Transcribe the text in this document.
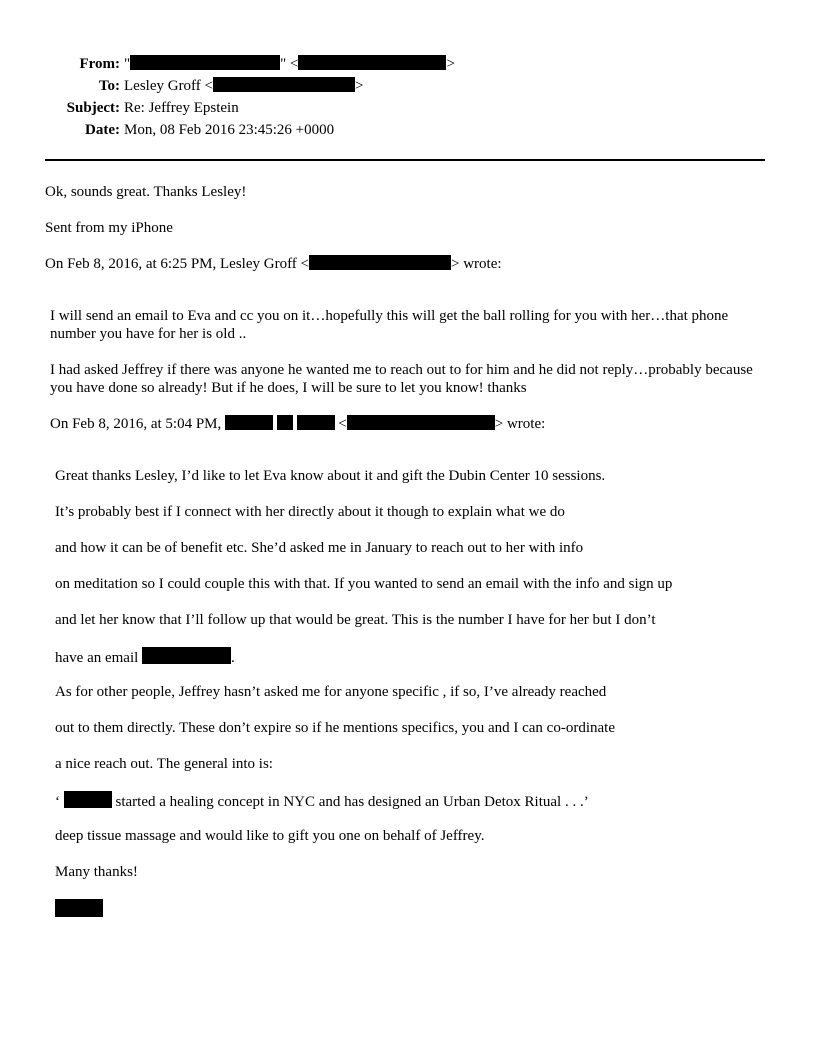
From: "	" <	>
To: Lesley Groff <	>
Subject: Re: Jeffrey Epstein
Date: Mon, 08 Feb 2016 23:45:26 +0000
Ok, sounds great. Thanks Lesley!
Sent from my iPhone
On Feb 8, 2016, at 6:25 PM, Lesley Groff <	> wrote:
I will send an email to Eva and cc you on it…hopefully this will get the ball rolling for you with her…that phone number you have for her is old ..
I had asked Jeffrey if there was anyone he wanted me to reach out to for him and he did not reply…probably because you have done so already! But if he does, I will be sure to let you know! thanks
On Feb 8, 2016, at 5:04 PM,	<	> wrote:
Great thanks Lesley, I’d like to let Eva know about it and gift the Dubin Center 10 sessions.
It’s probably best if I connect with her directly about it though to explain what we do
and how it can be of benefit etc. She’d asked me in January to reach out to her with info
on meditation so I could couple this with that. If you wanted to send an email with the info and sign up
and let her know that I’ll follow up that would be great. This is the number I have for her but I don’t
have an email	.
As for other people, Jeffrey hasn’t asked me for anyone specific , if so, I’ve already reached
out to them directly. These don’t expire so if he mentions specifics, you and I can co-ordinate
a nice reach out. The general into is:
‘	started a healing concept in NYC and has designed an Urban Detox Ritual . . .’
deep tissue massage and would like to gift you one on behalf of Jeffrey.
Many thanks!
